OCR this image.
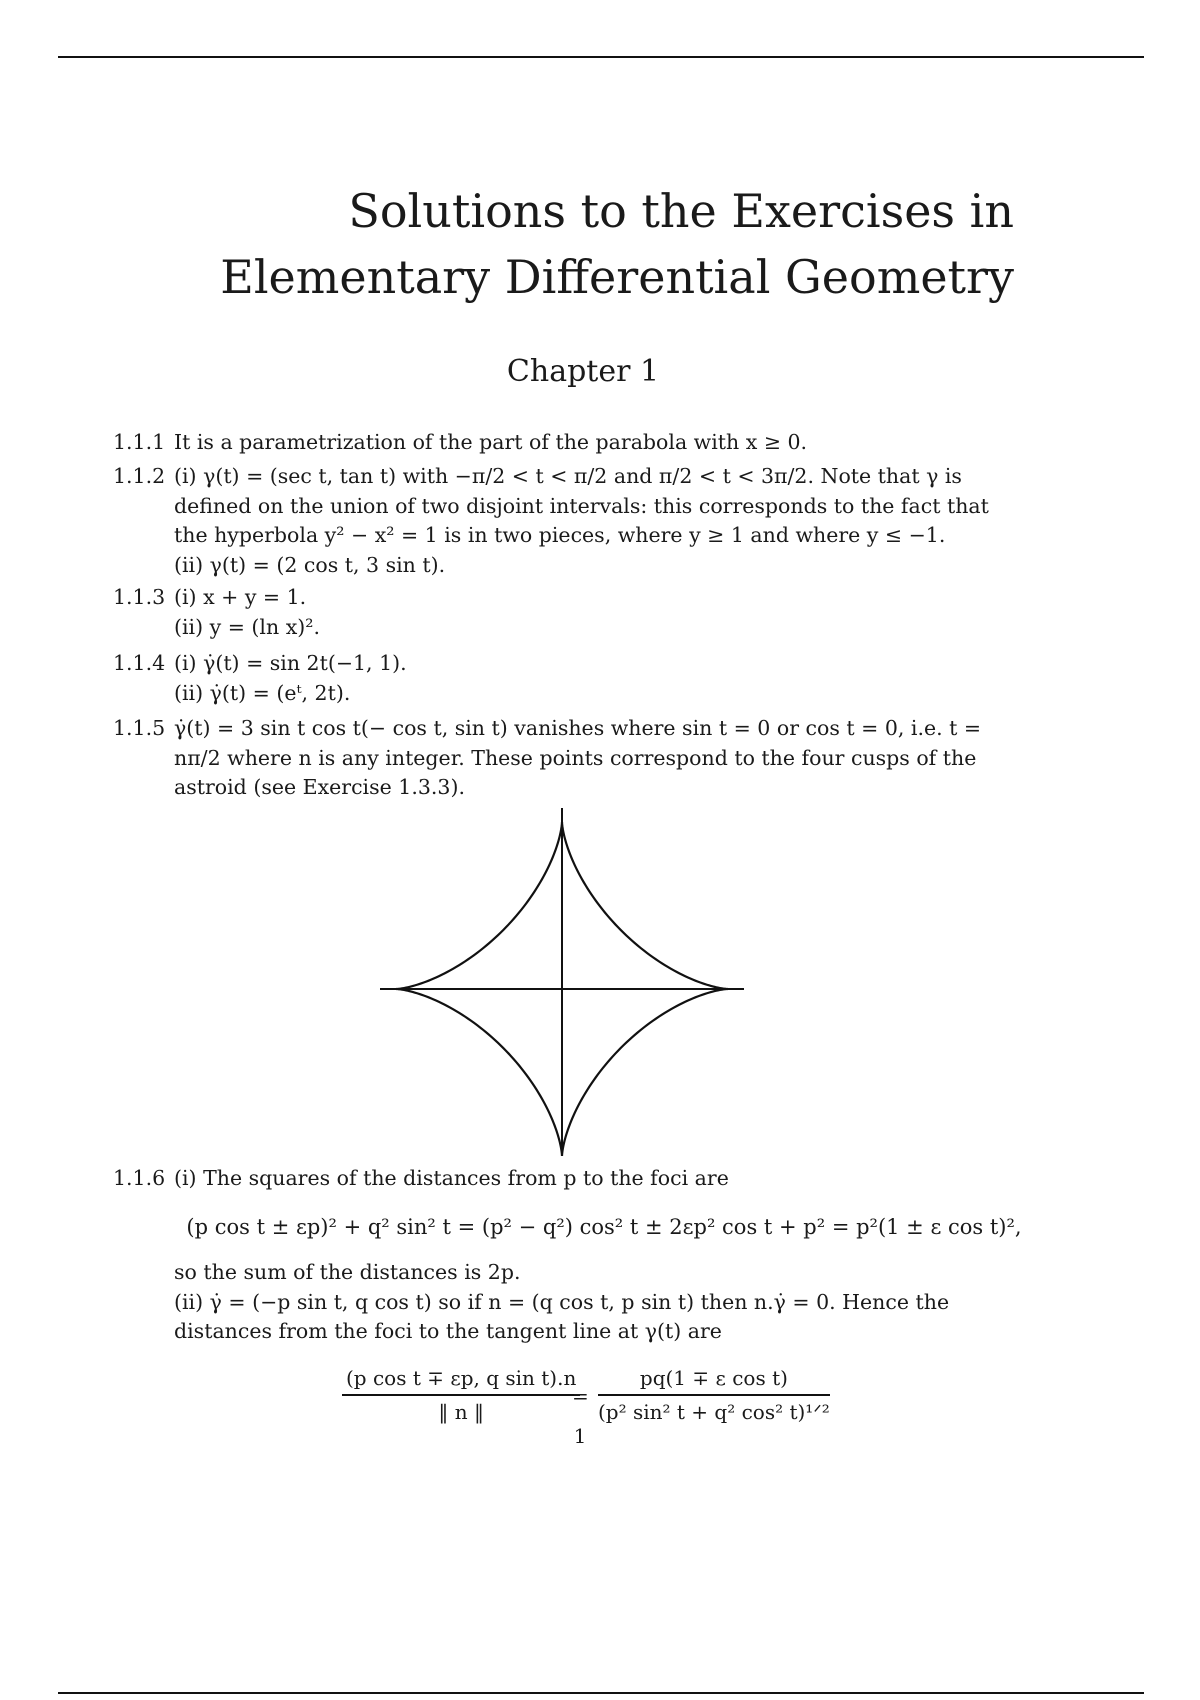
Solutions to the Exercises in
Elementary Differential Geometry
Chapter 1
1.1.1 It is a parametrization of the part of the parabola with x ≥ 0.
1.1.2 (i) γ(t) = (sec t, tan t) with −π/2 < t < π/2 and π/2 < t < 3π/2. Note that γ is
defined on the union of two disjoint intervals: this corresponds to the fact that
the hyperbola y² − x² = 1 is in two pieces, where y ≥ 1 and where y ≤ −1.
(ii) γ(t) = (2 cos t, 3 sin t).
1.1.3 (i) x + y = 1.
(ii) y = (ln x)².
1.1.4 (i) γ̇(t) = sin 2t(−1, 1).
(ii) γ̇(t) = (eᵗ, 2t).
1.1.5 γ̇(t) = 3 sin t cos t(− cos t, sin t) vanishes where sin t = 0 or cos t = 0, i.e. t =
nπ/2 where n is any integer. These points correspond to the four cusps of the
astroid (see Exercise 1.3.3).
1.1.6 (i) The squares of the distances from p to the foci are
(p cos t ± εp)² + q² sin² t = (p² − q²) cos² t ± 2εp² cos t + p² = p²(1 ± ε cos t)²,
so the sum of the distances is 2p.
(ii) γ̇ = (−p sin t, q cos t) so if n = (q cos t, p sin t) then n.γ̇ = 0. Hence the
distances from the foci to the tangent line at γ(t) are
$\frac{\text{(p cos t ∓ εp, q sin t).n}}{‖ n ‖}$
=
pq(1 ∓ ε cos t)
(p² sin² t + q² cos² t)¹ᐟ²
1
